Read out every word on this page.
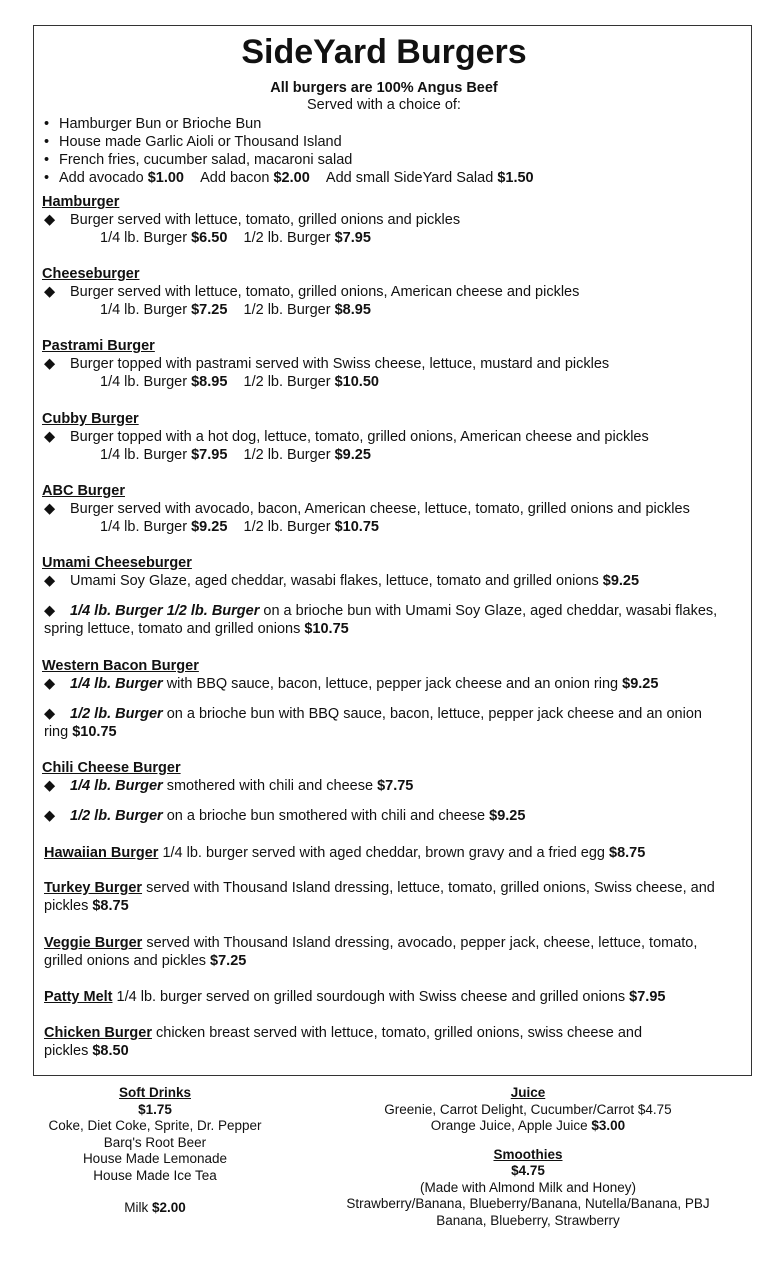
SideYard Burgers
All burgers are 100% Angus Beef
Served with a choice of:
• Hamburger Bun or Brioche Bun
• House made Garlic Aioli or Thousand Island
• French fries, cucumber salad, macaroni salad
• Add avocado $1.00 Add bacon $2.00 Add small SideYard Salad $1.50
Hamburger
◆ Burger served with lettuce, tomato, grilled onions and pickles
1/4 lb. Burger $6.50 1/2 lb. Burger $7.95
Cheeseburger
◆ Burger served with lettuce, tomato, grilled onions, American cheese and pickles
1/4 lb. Burger $7.25 1/2 lb. Burger $8.95
Pastrami Burger
◆ Burger topped with pastrami served with Swiss cheese, lettuce, mustard and pickles
1/4 lb. Burger $8.95 1/2 lb. Burger $10.50
Cubby Burger
◆ Burger topped with a hot dog, lettuce, tomato, grilled onions, American cheese and pickles
1/4 lb. Burger $7.95 1/2 lb. Burger $9.25
ABC Burger
◆ Burger served with avocado, bacon, American cheese, lettuce, tomato, grilled onions and pickles
1/4 lb. Burger $9.25 1/2 lb. Burger $10.75
Umami Cheeseburger
◆ Umami Soy Glaze, aged cheddar, wasabi flakes, lettuce, tomato and grilled onions $9.25
◆ 1/4 lb. Burger 1/2 lb. Burger on a brioche bun with Umami Soy Glaze, aged cheddar, wasabi flakes, spring lettuce, tomato and grilled onions $10.75
Western Bacon Burger
◆ 1/4 lb. Burger with BBQ sauce, bacon, lettuce, pepper jack cheese and an onion ring $9.25
◆ 1/2 lb. Burger on a brioche bun with BBQ sauce, bacon, lettuce, pepper jack cheese and an onion ring $10.75
Chili Cheese Burger
◆ 1/4 lb. Burger smothered with chili and cheese $7.75
◆ 1/2 lb. Burger on a brioche bun smothered with chili and cheese $9.25
Hawaiian Burger 1/4 lb. burger served with aged cheddar, brown gravy and a fried egg $8.75
Turkey Burger served with Thousand Island dressing, lettuce, tomato, grilled onions, Swiss cheese, and pickles $8.75
Veggie Burger served with Thousand Island dressing, avocado, pepper jack, cheese, lettuce, tomato, grilled onions and pickles $7.25
Patty Melt 1/4 lb. burger served on grilled sourdough with Swiss cheese and grilled onions $7.95
Chicken Burger chicken breast served with lettuce, tomato, grilled onions, swiss cheese and pickles $8.50
Soft Drinks
$1.75
Coke, Diet Coke, Sprite, Dr. Pepper
Barq's Root Beer
House Made Lemonade
House Made Ice Tea
Milk $2.00
Juice
Greenie, Carrot Delight, Cucumber/Carrot $4.75
Orange Juice, Apple Juice $3.00
Smoothies
$4.75
(Made with Almond Milk and Honey)
Strawberry/Banana, Blueberry/Banana, Nutella/Banana, PBJ
Banana, Blueberry, Strawberry
